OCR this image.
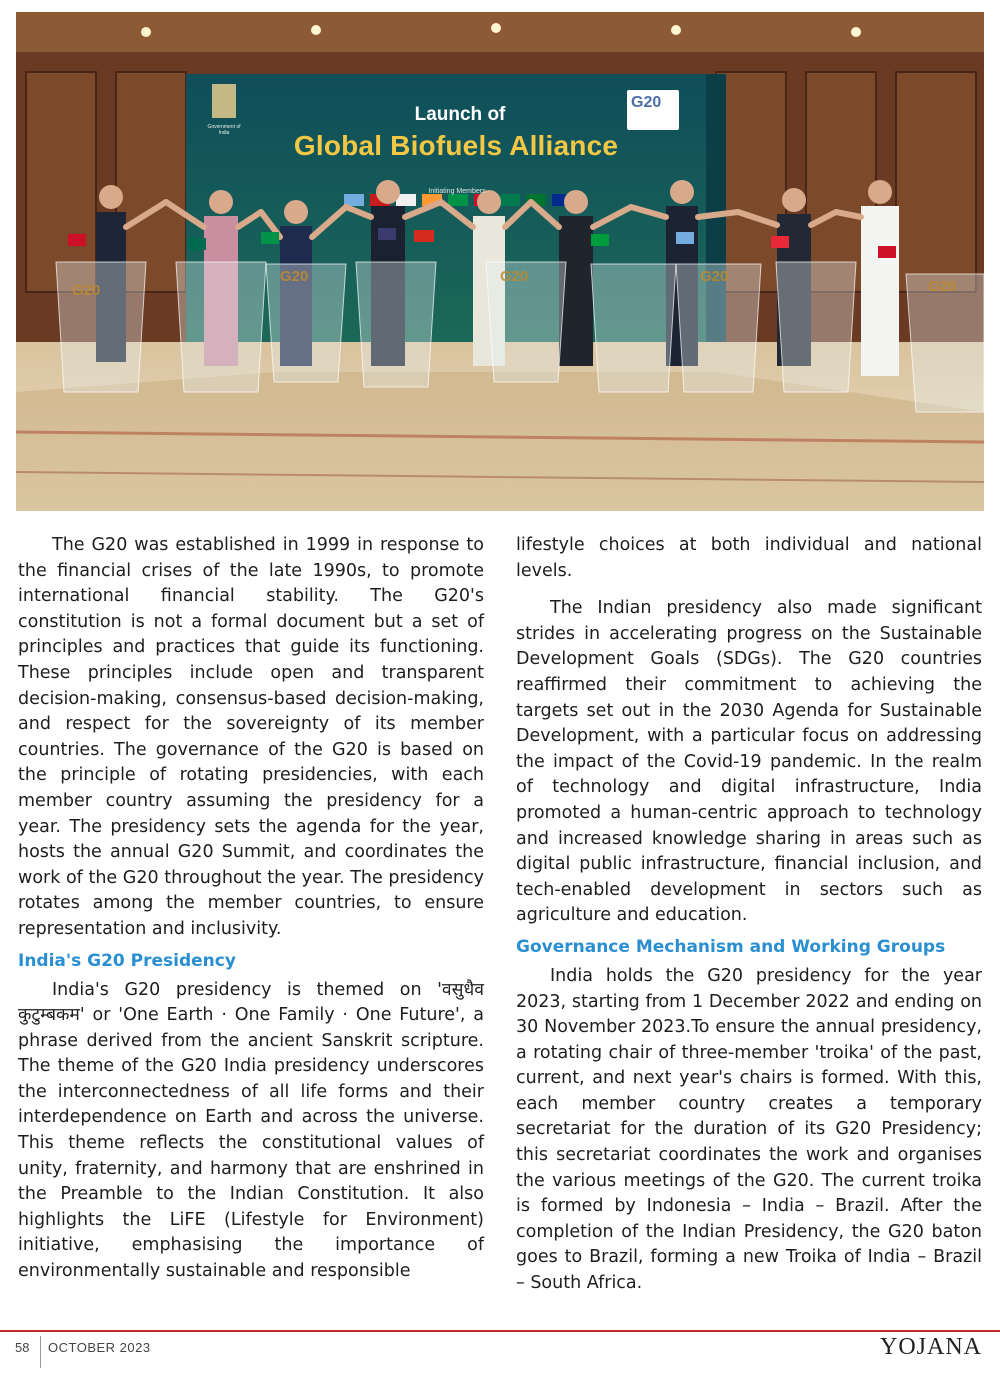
Government of India
Launch of
Global Biofuels Alliance
Initiating Members
G20
G20
G20	G20	G20
G20

The G20 was established in 1999 in response to the financial crises of the late 1990s, to promote international financial stability. The G20's constitution is not a formal document but a set of principles and practices that guide its functioning. These principles include open and transparent decision-making, consensus-based decision-making, and respect for the sovereignty of its member countries. The governance of the G20 is based on the principle of rotating presidencies, with each member country assuming the presidency for a year. The presidency sets the agenda for the year, hosts the annual G20 Summit, and coordinates the work of the G20 throughout the year. The presidency rotates among the member countries, to ensure representation and inclusivity.

India's G20 Presidency

India's G20 presidency is themed on 'वसुधैव कुटुम्बकम' or 'One Earth · One Family · One Future', a phrase derived from the ancient Sanskrit scripture. The theme of the G20 India presidency underscores the interconnectedness of all life forms and their interdependence on Earth and across the universe. This theme reflects the constitutional values of unity, fraternity, and harmony that are enshrined in the Preamble to the Indian Constitution. It also highlights the LiFE (Lifestyle for Environment) initiative, emphasising the importance of environmentally sustainable and responsible

lifestyle choices at both individual and national levels.

The Indian presidency also made significant strides in accelerating progress on the Sustainable Development Goals (SDGs). The G20 countries reaffirmed their commitment to achieving the targets set out in the 2030 Agenda for Sustainable Development, with a particular focus on addressing the impact of the Covid-19 pandemic. In the realm of technology and digital infrastructure, India promoted a human-centric approach to technology and increased knowledge sharing in areas such as digital public infrastructure, financial inclusion, and tech-enabled development in sectors such as agriculture and education.

Governance Mechanism and Working Groups

India holds the G20 presidency for the year 2023, starting from 1 December 2022 and ending on 30 November 2023.To ensure the annual presidency, a rotating chair of three-member 'troika' of the past, current, and next year's chairs is formed. With this, each member country creates a temporary secretariat for the duration of its G20 Presidency; this secretariat coordinates the work and organises the various meetings of the G20. The current troika is formed by Indonesia – India – Brazil. After the completion of the Indian Presidency, the G20 baton goes to Brazil, forming a new Troika of India – Brazil – South Africa.

58 OCTOBER 2023	YOJANA
